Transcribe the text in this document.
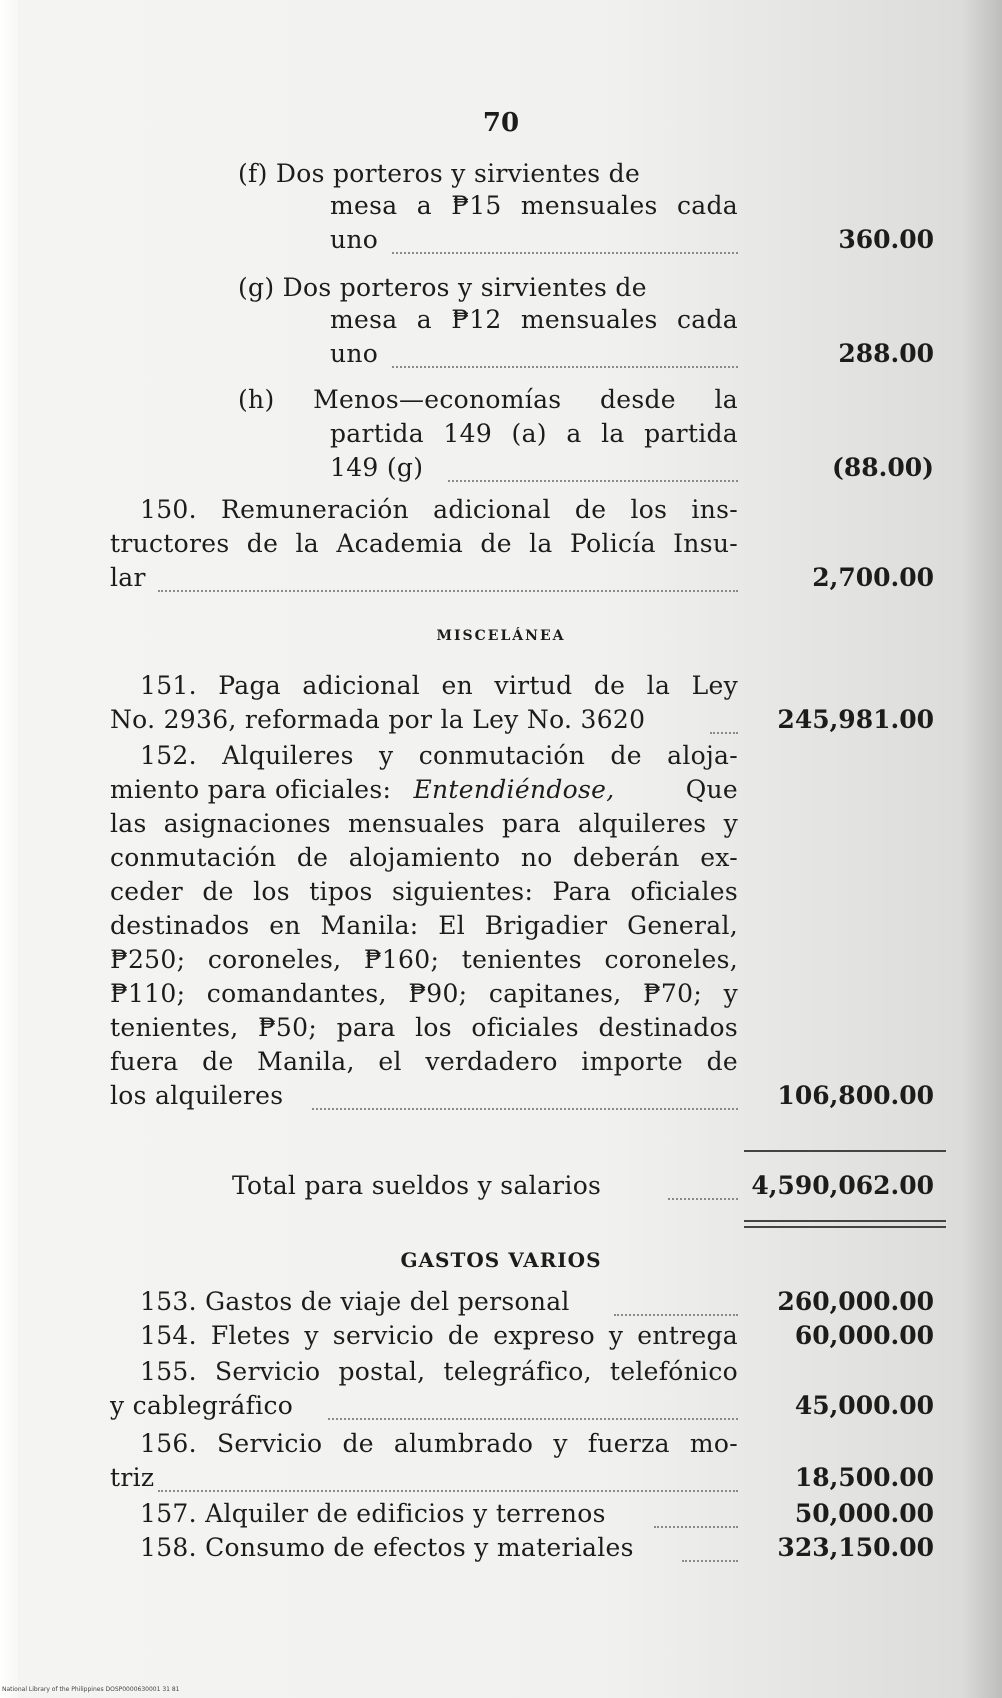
70
(f) Dos porteros y sirvientes de
mesa a ₱15 mensuales cada
uno	360.00
(g) Dos porteros y sirvientes de
mesa a ₱12 mensuales cada
uno	288.00
(h) Menos—economías desde la
partida 149 (a) a la partida
149 (g)	(88.00)
150. Remuneración adicional de los ins-
tructores de la Academia de la Policía Insu-
lar	2,700.00
MISCELÁNEA
151. Paga adicional en virtud de la Ley
No. 2936, reformada por la Ley No. 3620	245,981.00
152. Alquileres y conmutación de aloja-
miento para oficiales: Entendiéndose,	Que
las asignaciones mensuales para alquileres y
conmutación de alojamiento no deberán ex-
ceder de los tipos siguientes: Para oficiales
destinados en Manila: El Brigadier General,
₱250; coroneles, ₱160; tenientes coroneles,
₱110; comandantes, ₱90; capitanes, ₱70; y
tenientes, ₱50; para los oficiales destinados
fuera de Manila, el verdadero importe de
los alquileres	106,800.00
Total para sueldos y salarios	4,590,062.00
GASTOS VARIOS
153. Gastos de viaje del personal	260,000.00
154. Fletes y servicio de expreso y entrega 60,000.00
155. Servicio postal, telegráfico, telefónico
y cablegráfico	45,000.00
156. Servicio de alumbrado y fuerza mo-
triz	18,500.00
157. Alquiler de edificios y terrenos	50,000.00
158. Consumo de efectos y materiales	323,150.00
National Library of the Philippines DOSP0000630001 31 81
